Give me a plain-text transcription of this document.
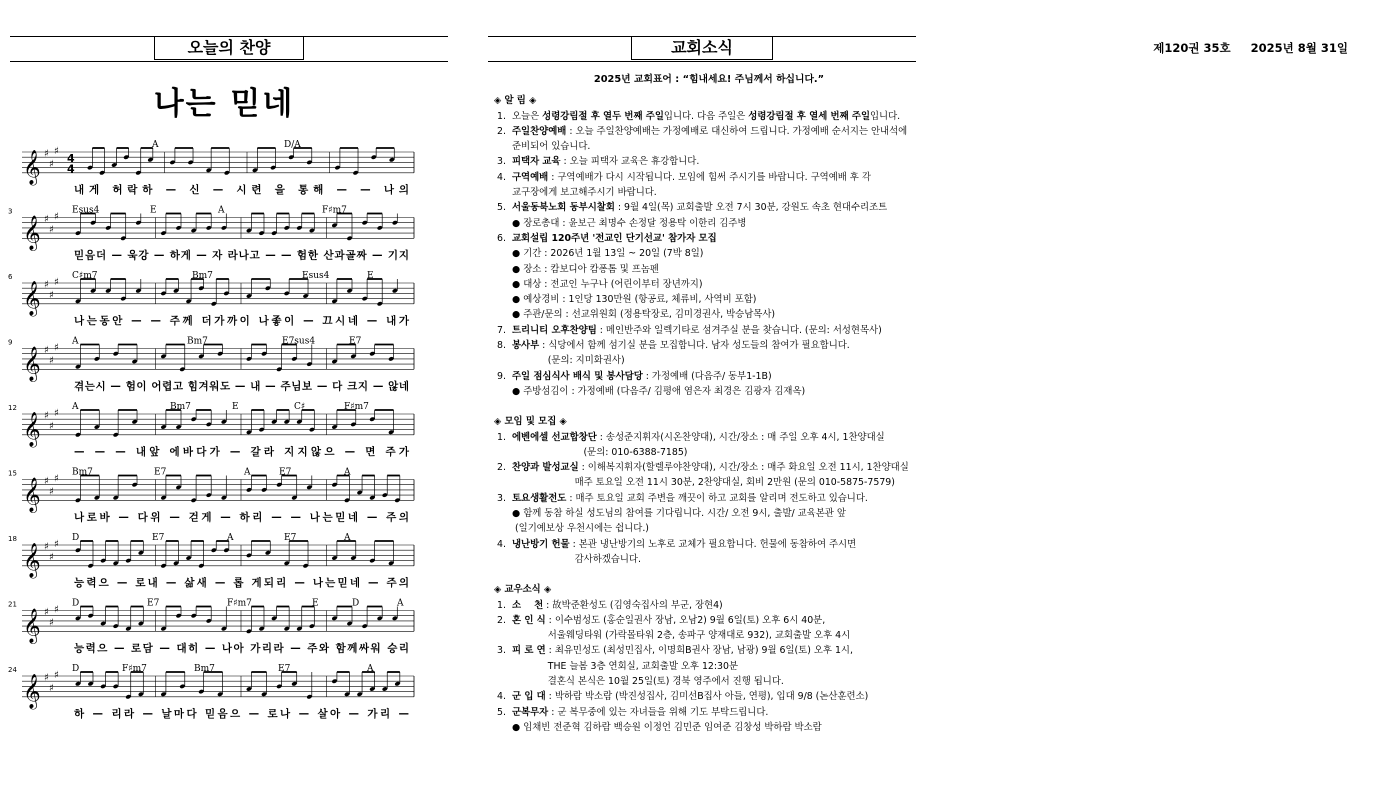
오늘의 찬양
나는 믿네
𝄞 ♯
♯
♯
4
4
A	D/A
내게 허락하 — 신 — 시련 을 통해 — — 나의
3
𝄞 ♯
♯
♯
Esus4	E	A	F♯m7
믿음더 — 욱강 — 하게 — 자 라나고 — — 험한 산과골짜 — 기지
6
𝄞 ♯
♯
♯
C♯m7	Bm7	Esus4	E
나는동안 — — 주께 더가까이 나좋이 — 끄시네 — 내가
9
𝄞 ♯
♯
♯
A	Bm7	E7sus4	E7
겪는시 — 험이 어렵고 힘겨워도 — 내 — 주님보 — 다 크지 — 않네
12
𝄞 ♯
♯
♯
A	Bm7	E	C♯	F♯m7
— — — 내앞 에바다가 — 갈라 지지않으 — 면 주가
15
𝄞 ♯
♯
♯
Bm7	E7	A	E7	A
나로바 — 다위 — 걷게 — 하리 — — 나는믿네 — 주의
18
𝄞 ♯
♯
♯
D	E7	A	E7	A
능력으 — 로내 — 삶새 — 롭 게되리 — 나는믿네 — 주의
21
𝄞 ♯
♯
♯
D	E7	F♯m7	E	D	A
능력으 — 로담 — 대히 — 나아 가리라 — 주와 함께싸워 승리
24
𝄞 ♯
♯
♯
D	F♯m7	Bm7	E7	A
하 — 리라 — 날마다 믿음으 — 로나 — 살아 — 가리 —
교회소식	제120권 35호     2025년 8월 31일
2025년 교회표어 : “힘내세요! 주님께서 하십니다.”
◈ 알 림 ◈
1. 오늘은 성령강림절 후 열두 번째 주일입니다. 다음 주일은 성령강림절 후 열세 번째 주일입니다.
2. 주일찬양예배 : 오늘 주일찬양예배는 가정예배로 대신하여 드립니다. 가정예배 순서지는 안내석에
준비되어 있습니다.
3. 피택자 교육 : 오늘 피택자 교육은 휴강합니다.
4. 구역예배 : 구역예배가 다시 시작됩니다. 모임에 힘써 주시기를 바랍니다. 구역예배 후 각
교구장에게 보고해주시기 바랍니다.
5. 서울동북노회 동부시찰회 : 9월 4일(목) 교회출발 오전 7시 30분, 강원도 속초 현대수리조트
● 장로총대 : 윤보근 최명수 손정달 정용탁 이한리 김주병
6. 교회설립 120주년 '전교인 단기선교' 참가자 모집
● 기간 : 2026년 1월 13일 ~ 20일 (7박 8일)
● 장소 : 캄보디아 캄퐁톰 및 프놈펜
● 대상 : 전교인 누구나 (어린이부터 장년까지)
● 예상경비 : 1인당 130만원 (항공료, 체류비, 사역비 포함)
● 주관/문의 : 선교위원회 (정용탁장로, 김미경권사, 박승남목사)
7. 트리니티 오후찬양팀 : 메인반주와 일렉기타로 섬겨주실 분을 찾습니다. (문의: 서성현목사)
8. 봉사부 : 식당에서 함께 섬기실 분을 모집합니다. 남자 성도들의 참여가 필요합니다.
(문의: 지미화권사)
9. 주일 점심식사 배식 및 봉사담당 : 가정예배 (다음주/ 동부1-1B)
● 주방섬김이 : 가정예배 (다음주/ 김평애 염은자 최경은 김광자 김재옥)
◈ 모임 및 모집 ◈
1. 에벤에셀 선교합창단 : 송성준지휘자(시온찬양대), 시간/장소 : 매 주일 오후 4시, 1찬양대실
(문의: 010-6388-7185)
2. 찬양과 발성교실 : 이해복지휘자(할렐루야찬양대), 시간/장소 : 매주 화요일 오전 11시, 1찬양대실
매주 토요일 오전 11시 30분, 2찬양대실, 회비 2만원 (문의 010-5875-7579)
3. 토요생활전도 : 매주 토요일 교회 주변을 깨끗이 하고 교회를 알리며 전도하고 있습니다.
● 함께 동참 하실 성도님의 참여를 기다립니다. 시간/ 오전 9시, 출발/ 교육본관 앞
(일기예보상 우천시에는 쉽니다.)
4. 냉난방기 헌물 : 본관 냉난방기의 노후로 교체가 필요합니다. 헌물에 동참하여 주시면
감사하겠습니다.
◈ 교우소식 ◈
1. 소    천 : 故박준환성도 (김영숙집사의 부군, 장현4)
2. 혼 인 식 : 이수범성도 (홍순일권사 장남, 오남2) 9월 6일(토) 오후 6시 40분,
서울웨딩타워 (가락몰타워 2층, 송파구 양재대로 932), 교회출발 오후 4시
3. 피 로 연 : 최유민성도 (최성민집사, 이명희B권사 장남, 남광) 9월 6일(토) 오후 1시,
THE 늘봄 3층 연회실, 교회출발 오후 12:30분
결혼식 본식은 10월 25일(토) 경북 영주에서 진행 됩니다.
4. 군 입 대 : 박하람 박소람 (박진성집사, 김미선B집사 아들, 연평), 입대 9/8 (논산훈련소)
5. 군복무자 : 군 복무중에 있는 자녀들을 위해 기도 부탁드립니다.
● 임채빈 전준혁 김하람 백승원 이정언 김민준 임여준 김창성 박하람 박소람
